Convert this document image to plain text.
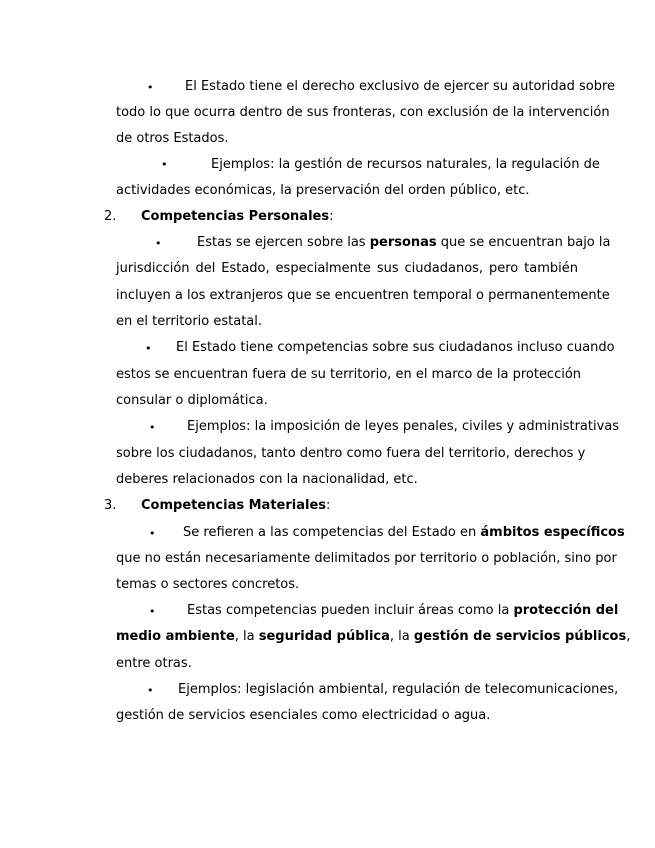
• El Estado tiene el derecho exclusivo de ejercer su autoridad sobre
todo lo que ocurra dentro de sus fronteras, con exclusión de la intervención
de otros Estados.
•	Ejemplos: la gestión de recursos naturales, la regulación de
actividades económicas, la preservación del orden público, etc.
2. Competencias Personales:
•	Estas se ejercen sobre las personas que se encuentran bajo la
jurisdicción del Estado, especialmente sus ciudadanos, pero también
incluyen a los extranjeros que se encuentren temporal o permanentemente
en el territorio estatal.
• El Estado tiene competencias sobre sus ciudadanos incluso cuando
estos se encuentran fuera de su territorio, en el marco de la protección
consular o diplomática.
• Ejemplos: la imposición de leyes penales, civiles y administrativas
sobre los ciudadanos, tanto dentro como fuera del territorio, derechos y
deberes relacionados con la nacionalidad, etc.
3. Competencias Materiales:
• Se refieren a las competencias del Estado en ámbitos específicos
que no están necesariamente delimitados por territorio o población, sino por
temas o sectores concretos.
• Estas competencias pueden incluir áreas como la protección del
medio ambiente, la seguridad pública, la gestión de servicios públicos,
entre otras.
• Ejemplos: legislación ambiental, regulación de telecomunicaciones,
gestión de servicios esenciales como electricidad o agua.
